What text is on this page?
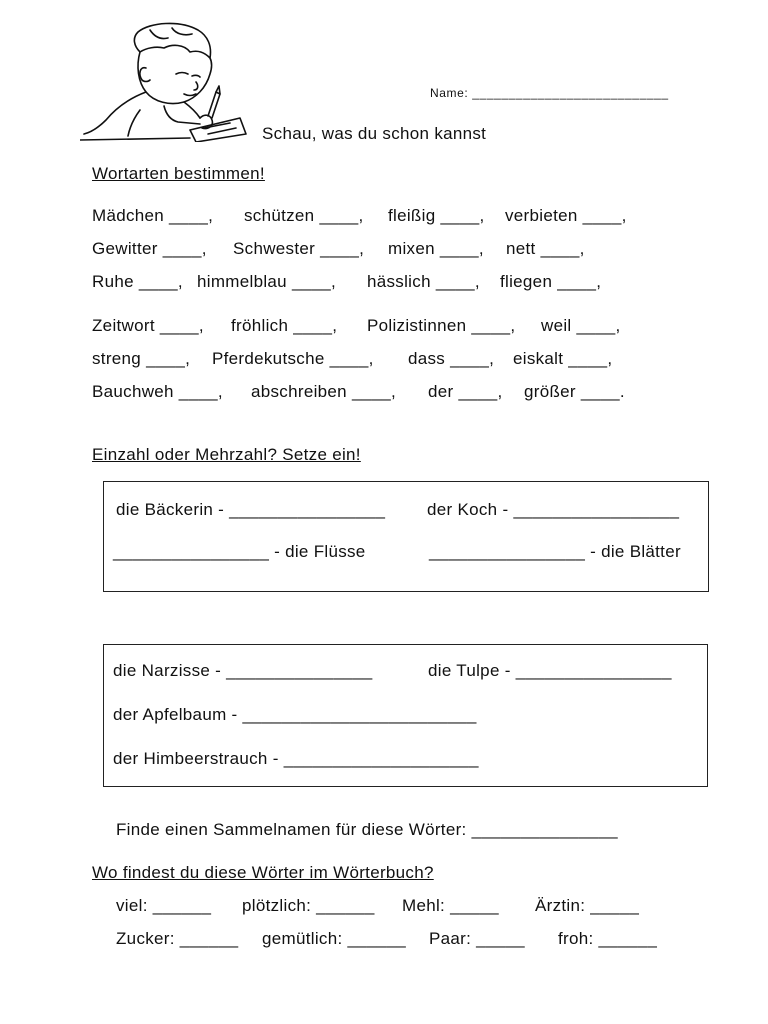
Name: ___________________________
Schau, was du schon kannst
Wortarten bestimmen!
Einzahl oder Mehrzahl? Setze ein!
die Bäckerin - ________________ der Koch - _________________
________________ - die Flüsse	________________ - die Blätter
die Narzisse - _______________	die Tulpe - ________________
der Apfelbaum - ________________________
der Himbeerstrauch - ____________________
Finde einen Sammelnamen für diese Wörter: _______________
Wo findest du diese Wörter im Wörterbuch?
Mädchen ____, schützen ____, fleißig ____, verbieten ____,
Gewitter ____, Schwester ____, mixen ____, nett ____,
Ruhe ____, himmelblau ____, hässlich ____, fliegen ____,
Zeitwort ____, fröhlich ____, Polizistinnen ____, weil ____,
streng ____, Pferdekutsche ____, dass ____, eiskalt ____,
Bauchweh ____, abschreiben ____, der ____, größer ____.
viel: ______ plötzlich: ______ Mehl: _____ Ärztin: _____
Zucker: ______ gemütlich: ______ Paar: _____ froh: ______
